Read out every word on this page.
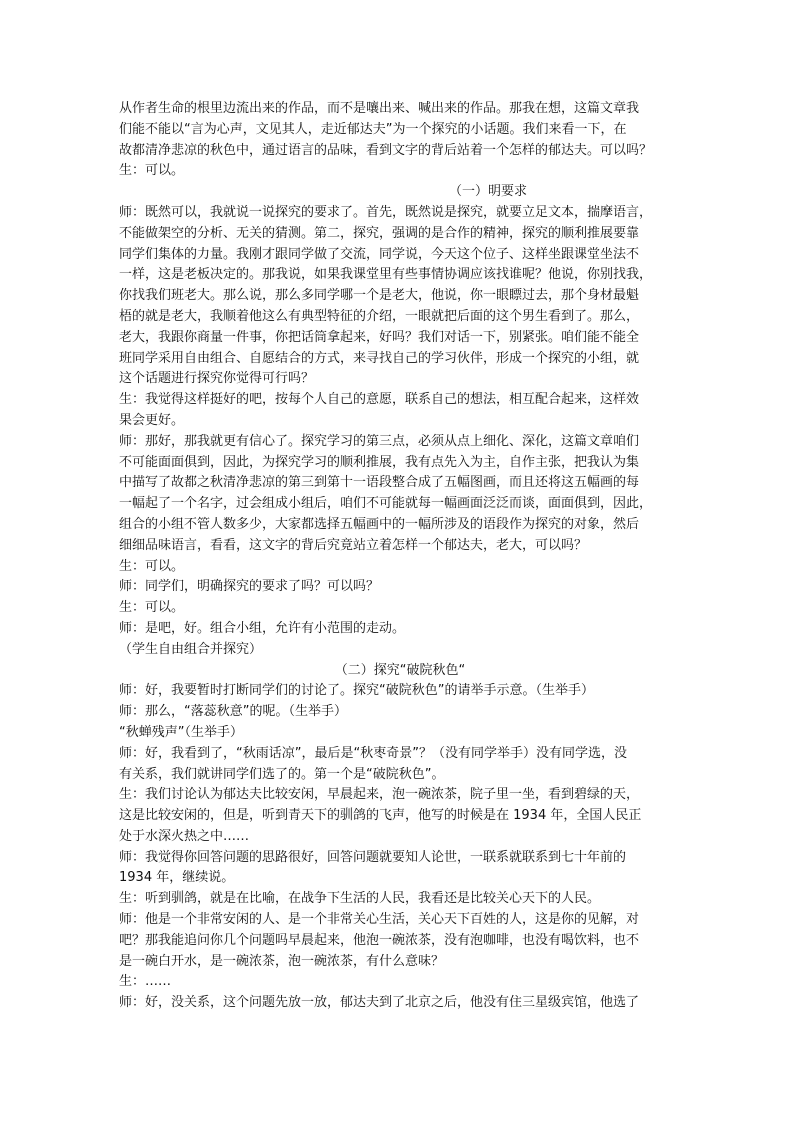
从作者生命的根里边流出来的作品，而不是嚷出来、喊出来的作品。那我在想，这篇文章我
们能不能以“言为心声，文见其人，走近郁达夫”为一个探究的小话题。我们来看一下，在
故都清净悲凉的秋色中，通过语言的品味，看到文字的背后站着一个怎样的郁达夫。可以吗？
生：可以。
（一）明要求
师：既然可以，我就说一说探究的要求了。首先，既然说是探究，就要立足文本，揣摩语言，
不能做架空的分析、无关的猜测。第二，探究，强调的是合作的精神，探究的顺利推展要靠
同学们集体的力量。我刚才跟同学做了交流，同学说，今天这个位子、这样坐跟课堂坐法不
一样，这是老板决定的。那我说，如果我课堂里有些事情协调应该找谁呢？他说，你别找我，
你找我们班老大。那么说，那么多同学哪一个是老大，他说，你一眼瞟过去，那个身材最魁
梧的就是老大，我顺着他这么有典型特征的介绍，一眼就把后面的这个男生看到了。那么，
老大，我跟你商量一件事，你把话筒拿起来，好吗？我们对话一下，别紧张。咱们能不能全
班同学采用自由组合、自愿结合的方式，来寻找自己的学习伙伴，形成一个探究的小组，就
这个话题进行探究你觉得可行吗？
生：我觉得这样挺好的吧，按每个人自己的意愿，联系自己的想法，相互配合起来，这样效
果会更好。
师：那好，那我就更有信心了。探究学习的第三点，必须从点上细化、深化，这篇文章咱们
不可能面面俱到，因此，为探究学习的顺利推展，我有点先入为主，自作主张，把我认为集
中描写了故都之秋清净悲凉的第三到第十一语段整合成了五幅图画，而且还将这五幅画的每
一幅起了一个名字，过会组成小组后，咱们不可能就每一幅画面泛泛而谈，面面俱到，因此，
组合的小组不管人数多少，大家都选择五幅画中的一幅所涉及的语段作为探究的对象，然后
细细品味语言，看看，这文字的背后究竟站立着怎样一个郁达夫，老大，可以吗？
生：可以。
师：同学们，明确探究的要求了吗？可以吗？
生：可以。
师：是吧，好。组合小组，允许有小范围的走动。
（学生自由组合并探究）
（二）探究“破院秋色“
师：好，我要暂时打断同学们的讨论了。探究“破院秋色”的请举手示意。（生举手）
师：那么，“落蕊秋意”的呢。（生举手）
“秋蝉残声”（生举手）
师：好，我看到了，“秋雨话凉”，最后是“秋枣奇景”？（没有同学举手）没有同学选，没
有关系，我们就讲同学们选了的。第一个是“破院秋色”。
生：我们讨论认为郁达夫比较安闲，早晨起来，泡一碗浓茶，院子里一坐，看到碧绿的天，
这是比较安闲的，但是，听到青天下的驯鸽的飞声，他写的时候是在 1934 年，全国人民正
处于水深火热之中……
师：我觉得你回答问题的思路很好，回答问题就要知人论世，一联系就联系到七十年前的
1934 年，继续说。
生：听到驯鸽，就是在比喻，在战争下生活的人民，我看还是比较关心天下的人民。
师：他是一个非常安闲的人、是一个非常关心生活，关心天下百姓的人，这是你的见解，对
吧？那我能追问你几个问题吗早晨起来，他泡一碗浓茶，没有泡咖啡，也没有喝饮料，也不
是一碗白开水，是一碗浓茶，泡一碗浓茶，有什么意味？
生：……
师：好，没关系，这个问题先放一放，郁达夫到了北京之后，他没有住三星级宾馆，他选了
